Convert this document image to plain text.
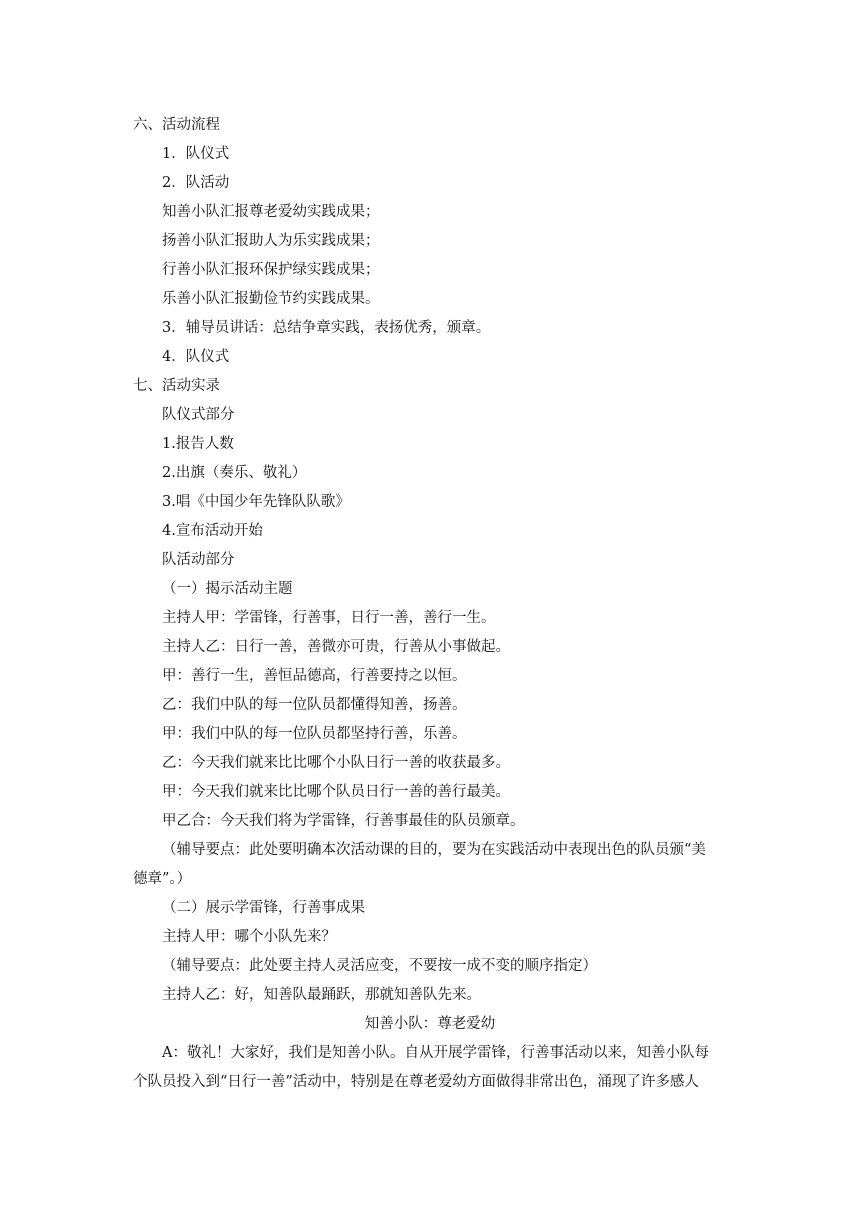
六、活动流程
1．队仪式
2．队活动
知善小队汇报尊老爱幼实践成果；
扬善小队汇报助人为乐实践成果；
行善小队汇报环保护绿实践成果；
乐善小队汇报勤俭节约实践成果。
3．辅导员讲话：总结争章实践，表扬优秀，颁章。
4．队仪式
七、活动实录
队仪式部分
1.报告人数
2.出旗（奏乐、敬礼）
3.唱《中国少年先锋队队歌》
4.宣布活动开始
队活动部分
（一）揭示活动主题
主持人甲：学雷锋，行善事，日行一善，善行一生。
主持人乙：日行一善，善微亦可贵，行善从小事做起。
甲：善行一生，善恒品德高，行善要持之以恒。
乙：我们中队的每一位队员都懂得知善，扬善。
甲：我们中队的每一位队员都坚持行善，乐善。
乙：今天我们就来比比哪个小队日行一善的收获最多。
甲：今天我们就来比比哪个队员日行一善的善行最美。
甲乙合：今天我们将为学雷锋，行善事最佳的队员颁章。
（辅导要点：此处要明确本次活动课的目的，要为在实践活动中表现出色的队员颁“美
德章”。）
（二）展示学雷锋，行善事成果
主持人甲：哪个小队先来？
（辅导要点：此处要主持人灵活应变，不要按一成不变的顺序指定）
主持人乙：好，知善队最踊跃，那就知善队先来。
知善小队：尊老爱幼
A：敬礼！大家好，我们是知善小队。自从开展学雷锋，行善事活动以来，知善小队每
个队员投入到“日行一善”活动中，特别是在尊老爱幼方面做得非常出色，涌现了许多感人
